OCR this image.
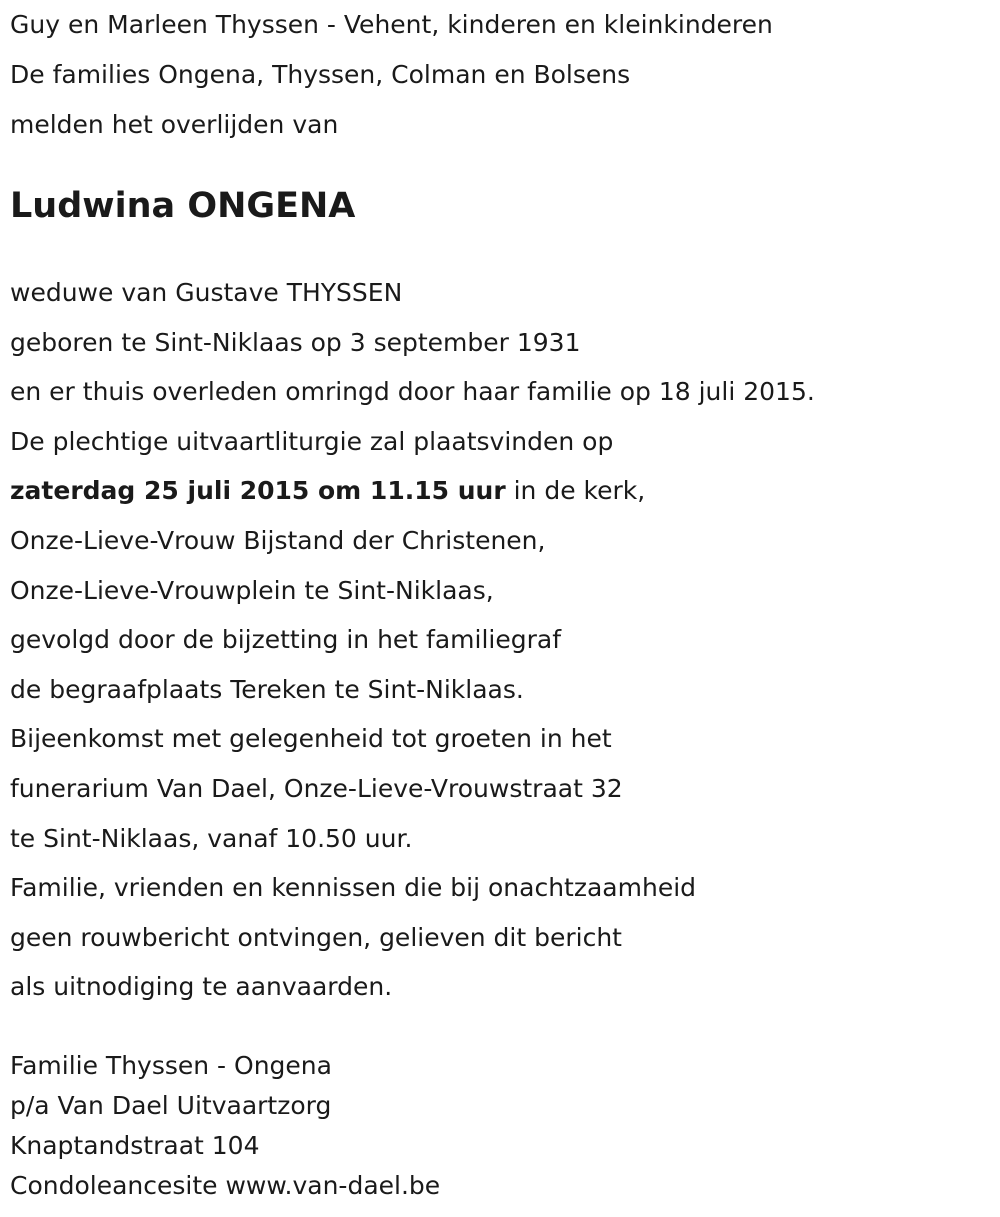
Guy en Marleen Thyssen - Vehent, kinderen en kleinkinderen

De families Ongena, Thyssen, Colman en Bolsens

melden het overlijden van

Ludwina ONGENA

weduwe van Gustave THYSSEN

geboren te Sint-Niklaas op 3 september 1931

en er thuis overleden omringd door haar familie op 18 juli 2015.

De plechtige uitvaartliturgie zal plaatsvinden op

zaterdag 25 juli 2015 om 11.15 uur in de kerk,

Onze-Lieve-Vrouw Bijstand der Christenen,

Onze-Lieve-Vrouwplein te Sint-Niklaas,

gevolgd door de bijzetting in het familiegraf

de begraafplaats Tereken te Sint-Niklaas.

Bijeenkomst met gelegenheid tot groeten in het

funerarium Van Dael, Onze-Lieve-Vrouwstraat 32

te Sint-Niklaas, vanaf 10.50 uur.

Familie, vrienden en kennissen die bij onachtzaamheid

geen rouwbericht ontvingen, gelieven dit bericht

als uitnodiging te aanvaarden.

Familie Thyssen - Ongena

p/a Van Dael Uitvaartzorg

Knaptandstraat 104

Condoleancesite www.van-dael.be
